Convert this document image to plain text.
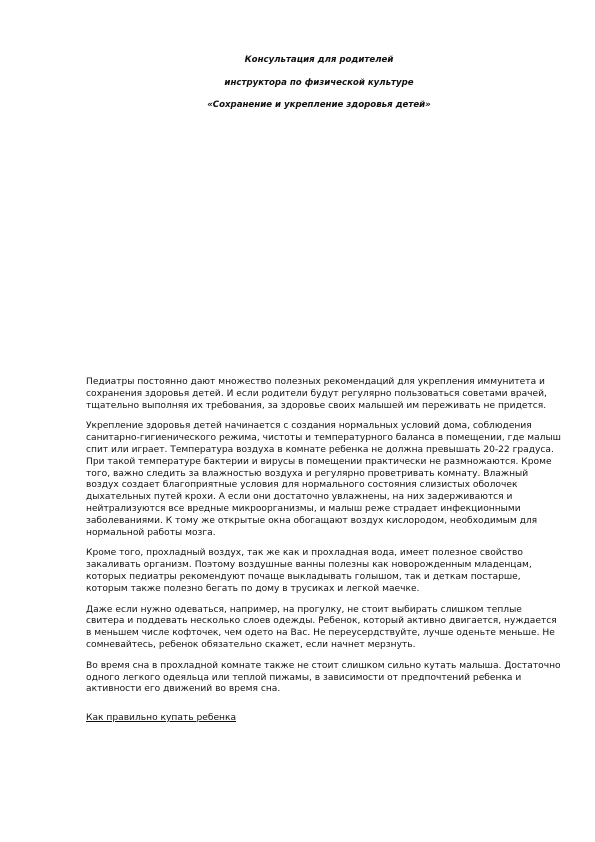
Консультация для родителей
инструктора по физической культуре
«Сохранение и укрепление здоровья детей»

Педиатры постоянно дают множество полезных рекомендаций для укрепления иммунитета и сохранения здоровья детей. И если родители будут регулярно пользоваться советами врачей, тщательно выполняя их требования, за здоровье своих малышей им переживать не придется.

Укрепление здоровья детей начинается с создания нормальных условий дома, соблюдения санитарно-гигиенического режима, чистоты и температурного баланса в помещении, где малыш спит или играет. Температура воздуха в комнате ребенка не должна превышать 20-22 градуса. При такой температуре бактерии и вирусы в помещении практически не размножаются. Кроме того, важно следить за влажностью воздуха и регулярно проветривать комнату. Влажный воздух создает благоприятные условия для нормального состояния слизистых оболочек дыхательных путей крохи. А если они достаточно увлажнены, на них задерживаются и нейтрализуются все вредные микроорганизмы, и малыш реже страдает инфекционными заболеваниями. К тому же открытые окна обогащают воздух кислородом, необходимым для нормальной работы мозга.

Кроме того, прохладный воздух, так же как и прохладная вода, имеет полезное свойство закаливать организм. Поэтому воздушные ванны полезны как новорожденным младенцам, которых педиатры рекомендуют почаще выкладывать голышом, так и деткам постарше, которым также полезно бегать по дому в трусиках и легкой маечке.

Даже если нужно одеваться, например, на прогулку, не стоит выбирать слишком теплые свитера и поддевать несколько слоев одежды. Ребенок, который активно двигается, нуждается в меньшем числе кофточек, чем одето на Вас. Не переусердствуйте, лучше оденьте меньше. Не сомневайтесь, ребенок обязательно скажет, если начнет мерзнуть.

Во время сна в прохладной комнате также не стоит слишком сильно кутать малыша. Достаточно одного легкого одеяльца или теплой пижамы, в зависимости от предпочтений ребенка и активности его движений во время сна.

Как правильно купать ребенка
